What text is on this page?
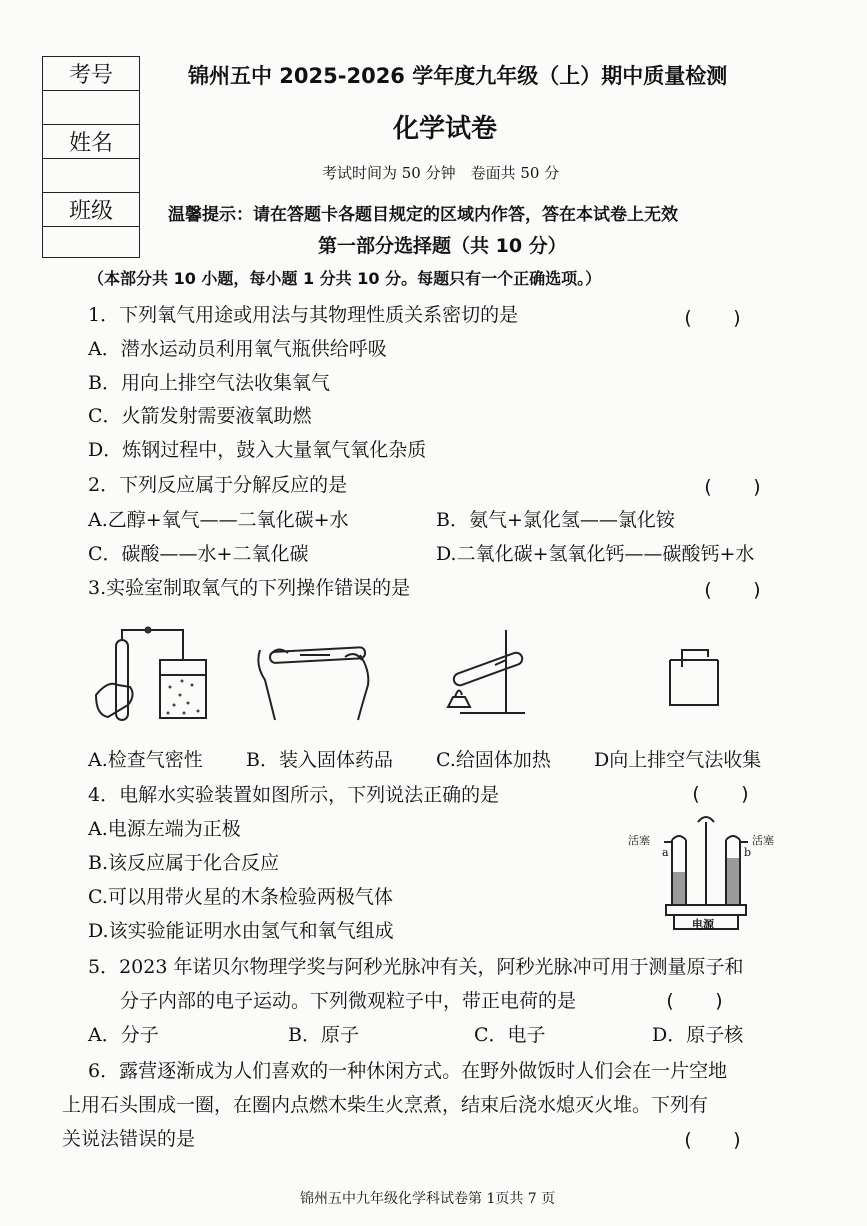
考号
姓名
班级
锦州五中 2025-2026 学年度九年级（上）期中质量检测
化学试卷
考试时间为 50 分钟　卷面共 50 分
温馨提示：请在答题卡各题目规定的区域内作答，答在本试卷上无效
第一部分选择题（共 10 分）
（本部分共 10 小题，每小题 1 分共 10 分。每题只有一个正确选项。）
1．下列氧气用途或用法与其物理性质关系密切的是	(　　)
A．潜水运动员利用氧气瓶供给呼吸
B．用向上排空气法收集氧气
C．火箭发射需要液氧助燃
D．炼钢过程中，鼓入大量氧气氧化杂质
2．下列反应属于分解反应的是	(　　)
A.乙醇+氧气——二氧化碳+水	B．氨气+氯化氢——氯化铵
C．碳酸——水+二氧化碳	D.二氧化碳+氢氧化钙——碳酸钙+水
3.实验室制取氧气的下列操作错误的是	(　　)
A.检查气密性 B．装入固体药品 C.给固体加热 D向上排空气法收集
4．电解水实验装置如图所示，下列说法正确的是	(　　)
A.电源左端为正极
B.该反应属于化合反应
C.可以用带火星的木条检验两极气体
D.该实验能证明水由氢气和氧气组成
活塞	活塞
a	b
电源
5．2023 年诺贝尔物理学奖与阿秒光脉冲有关，阿秒光脉冲可用于测量原子和
分子内部的电子运动。下列微观粒子中，带正电荷的是	(　　)
A．分子	B．原子	C．电子	D．原子核
6．露营逐渐成为人们喜欢的一种休闲方式。在野外做饭时人们会在一片空地
上用石头围成一圈，在圈内点燃木柴生火烹煮，结束后浇水熄灭火堆。下列有
关说法错误的是	(　　)
锦州五中九年级化学科试卷第 1页共 7 页
